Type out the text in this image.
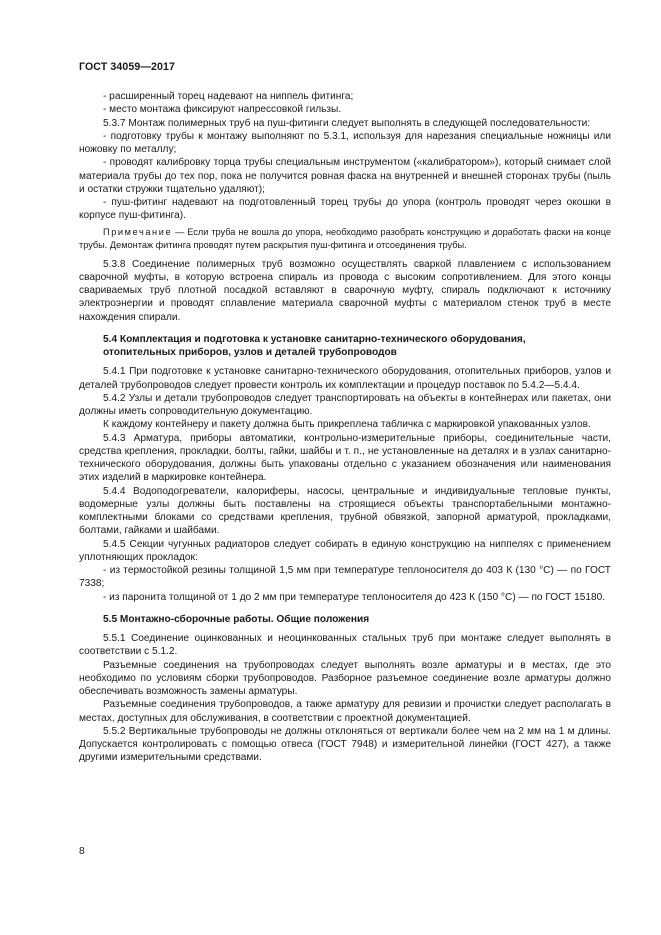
ГОСТ 34059—2017

- расширенный торец надевают на ниппель фитинга;

- место монтажа фиксируют напрессовкой гильзы.

5.3.7 Монтаж полимерных труб на пуш-фитинги следует выполнять в следующей последовательности:

- подготовку трубы к монтажу выполняют по 5.3.1, используя для нарезания специальные ножницы или ножовку по металлу;

- проводят калибровку торца трубы специальным инструментом («калибратором»), который снимает слой материала трубы до тех пор, пока не получится ровная фаска на внутренней и внешней сторонах трубы (пыль и остатки стружки тщательно удаляют);

- пуш-фитинг надевают на подготовленный торец трубы до упора (контроль проводят через окошки в корпусе пуш-фитинга).

Примечание — Если труба не вошла до упора, необходимо разобрать конструкцию и доработать фаски на конце трубы. Демонтаж фитинга проводят путем раскрытия пуш-фитинга и отсоединения трубы.

5.3.8 Соединение полимерных труб возможно осуществлять сваркой плавлением с использованием сварочной муфты, в которую встроена спираль из провода с высоким сопротивлением. Для этого концы свариваемых труб плотной посадкой вставляют в сварочную муфту, спираль подключают к источнику электроэнергии и проводят сплавление материала сварочной муфты с материалом стенок труб в месте нахождения спирали.

5.4 Комплектация и подготовка к установке санитарно-технического оборудования,
отопительных приборов, узлов и деталей трубопроводов

5.4.1 При подготовке к установке санитарно-технического оборудования, отопительных приборов, узлов и деталей трубопроводов следует провести контроль их комплектации и процедур поставок по 5.4.2—5.4.4.

5.4.2 Узлы и детали трубопроводов следует транспортировать на объекты в контейнерах или пакетах, они должны иметь сопроводительную документацию.

К каждому контейнеру и пакету должна быть прикреплена табличка с маркировкой упакованных узлов.

5.4.3 Арматура, приборы автоматики, контрольно-измерительные приборы, соединительные части, средства крепления, прокладки, болты, гайки, шайбы и т. п., не установленные на деталях и в узлах санитарно-технического оборудования, должны быть упакованы отдельно с указанием обозначения или наименования этих изделий в маркировке контейнера.

5.4.4 Водоподогреватели, калориферы, насосы, центральные и индивидуальные тепловые пункты, водомерные узлы должны быть поставлены на строящиеся объекты транспортабельными монтажно-комплектными блоками со средствами крепления, трубной обвязкой, запорной арматурой, прокладками, болтами, гайками и шайбами.

5.4.5 Секции чугунных радиаторов следует собирать в единую конструкцию на ниппелях с применением уплотняющих прокладок:

- из термостойкой резины толщиной 1,5 мм при температуре теплоносителя до 403 К (130 °С) — по ГОСТ 7338;

- из паронита толщиной от 1 до 2 мм при температуре теплоносителя до 423 К (150 °С) — по ГОСТ 15180.

5.5 Монтажно-сборочные работы. Общие положения

5.5.1 Соединение оцинкованных и неоцинкованных стальных труб при монтаже следует выполнять в соответствии с 5.1.2.

Разъемные соединения на трубопроводах следует выполнять возле арматуры и в местах, где это необходимо по условиям сборки трубопроводов. Разборное разъемное соединение возле арматуры должно обеспечивать возможность замены арматуры.

Разъемные соединения трубопроводов, а также арматуру для ревизии и прочистки следует располагать в местах, доступных для обслуживания, в соответствии с проектной документацией.

5.5.2 Вертикальные трубопроводы не должны отклоняться от вертикали более чем на 2 мм на 1 м длины. Допускается контролировать с помощью отвеса (ГОСТ 7948) и измерительной линейки (ГОСТ 427), а также другими измерительными средствами.

8
